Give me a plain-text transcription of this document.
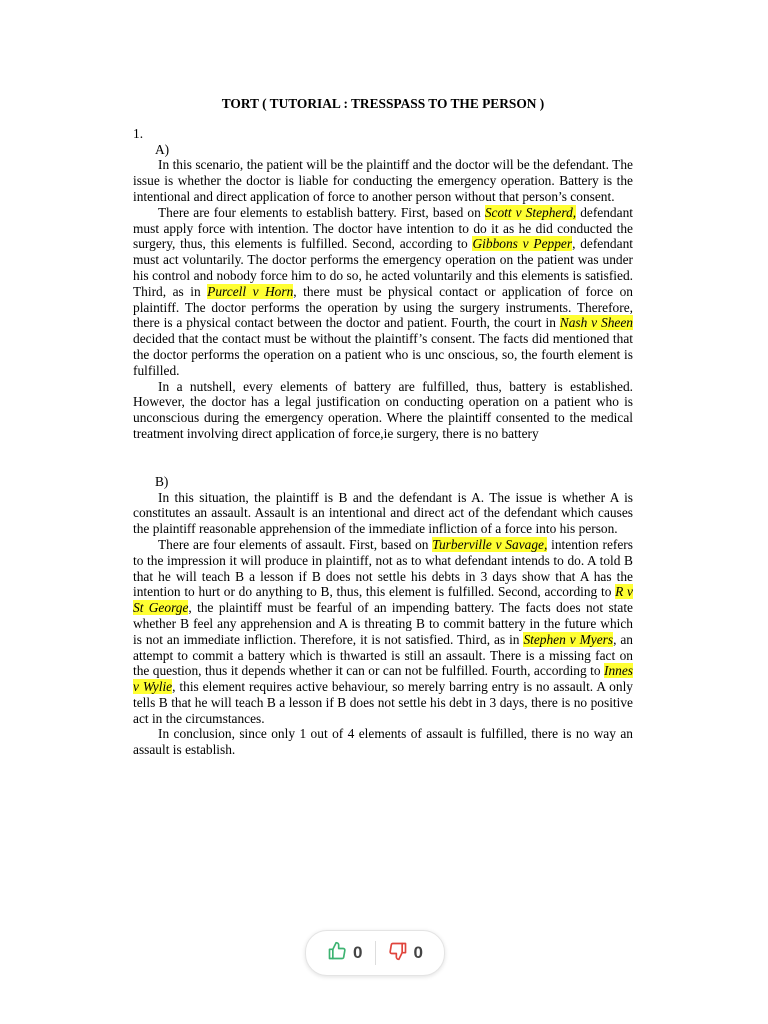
TORT ( TUTORIAL : TRESSPASS TO THE PERSON )
1.
A)

In this scenario, the patient will be the plaintiff and the doctor will be the defendant. The issue is whether the doctor is liable for conducting the emergency operation. Battery is the intentional and direct application of force to another person without that person’s consent.

There are four elements to establish battery. First, based on Scott v Stepherd, defendant must apply force with intention. The doctor have intention to do it as he did conducted the surgery, thus, this elements is fulfilled. Second, according to Gibbons v Pepper, defendant must act voluntarily. The doctor performs the emergency operation on the patient was under his control and nobody force him to do so, he acted voluntarily and this elements is satisfied. Third, as in Purcell v Horn, there must be physical contact or application of force on plaintiff. The doctor performs the operation by using the surgery instruments. Therefore, there is a physical contact between the doctor and patient. Fourth, the court in Nash v Sheen decided that the contact must be without the plaintiff’s consent. The facts did mentioned that the doctor performs the operation on a patient who is unc onscious, so, the fourth element is fulfilled.

In a nutshell, every elements of battery are fulfilled, thus, battery is established. However, the doctor has a legal justification on conducting operation on a patient who is unconscious during the emergency operation. Where the plaintiff consented to the medical treatment involving direct application of force,ie surgery, there is no battery

B)

In this situation, the plaintiff is B and the defendant is A. The issue is whether A is constitutes an assault. Assault is an intentional and direct act of the defendant which causes the plaintiff reasonable apprehension of the immediate infliction of a force into his person.

There are four elements of assault. First, based on Turberville v Savage, intention refers to the impression it will produce in plaintiff, not as to what defendant intends to do. A told B that he will teach B a lesson if B does not settle his debts in 3 days show that A has the intention to hurt or do anything to B, thus, this element is fulfilled. Second, according to R v St George, the plaintiff must be fearful of an impending battery. The facts does not state whether B feel any apprehension and A is threating B to commit battery in the future which is not an immediate infliction. Therefore, it is not satisfied. Third, as in Stephen v Myers, an attempt to commit a battery which is thwarted is still an assault. There is a missing fact on the question, thus it depends whether it can or can not be fulfilled. Fourth, according to Innes v Wylie, this element requires active behaviour, so merely barring entry is no assault. A only tells B that he will teach B a lesson if B does not settle his debt in 3 days, there is no positive act in the circumstances.

In conclusion, since only 1 out of 4 elements of assault is fulfilled, there is no way an assault is establish.

0	0
